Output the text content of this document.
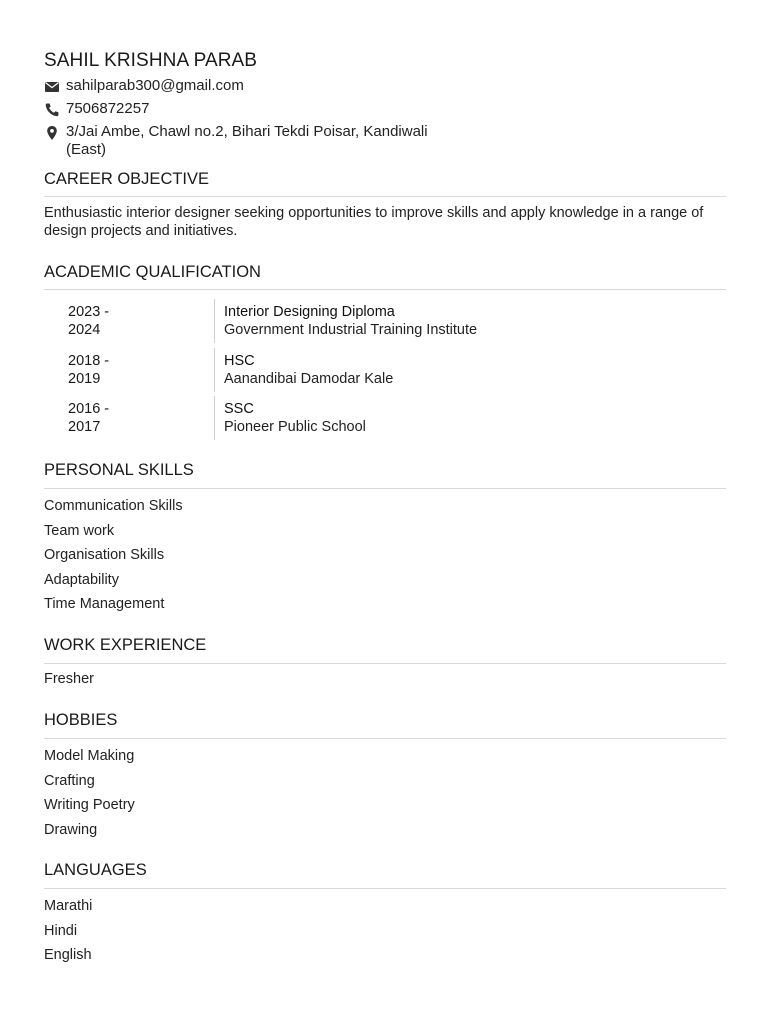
SAHIL KRISHNA PARAB
sahilparab300@gmail.com
7506872257
3/Jai Ambe, Chawl no.2, Bihari Tekdi Poisar, Kandiwali (East)
CAREER OBJECTIVE
Enthusiastic interior designer seeking opportunities to improve skills and apply knowledge in a range of design projects and initiatives.
ACADEMIC QUALIFICATION
2023 - 2024
Interior Designing Diploma
Government Industrial Training Institute
2018 - 2019
HSC
Aanandibai Damodar Kale
2016 - 2017
SSC
Pioneer Public School
PERSONAL SKILLS
Communication Skills
Team work
Organisation Skills
Adaptability
Time Management
WORK EXPERIENCE
Fresher
HOBBIES
Model Making
Crafting
Writing Poetry
Drawing
LANGUAGES
Marathi
Hindi
English
